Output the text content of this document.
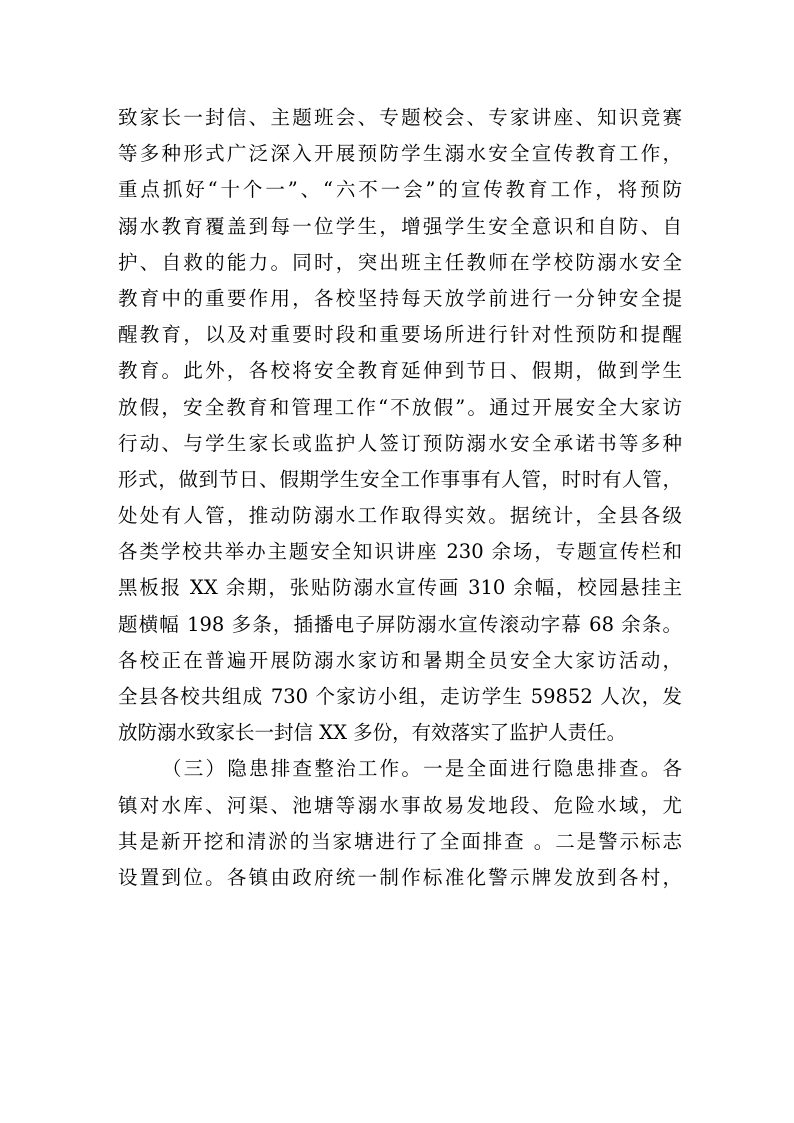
致家长一封信、主题班会、专题校会、专家讲座、知识竞赛
等多种形式广泛深入开展预防学生溺水安全宣传教育工作，
重点抓好“十个一”、“六不一会”的宣传教育工作，将预防
溺水教育覆盖到每一位学生，增强学生安全意识和自防、自
护、自救的能力。同时，突出班主任教师在学校防溺水安全
教育中的重要作用，各校坚持每天放学前进行一分钟安全提
醒教育，以及对重要时段和重要场所进行针对性预防和提醒
教育。此外，各校将安全教育延伸到节日、假期，做到学生
放假，安全教育和管理工作“不放假”。通过开展安全大家访
行动、与学生家长或监护人签订预防溺水安全承诺书等多种
形式，做到节日、假期学生安全工作事事有人管，时时有人管，
处处有人管，推动防溺水工作取得实效。据统计，全县各级
各类学校共举办主题安全知识讲座 230 余场，专题宣传栏和
黑板报 XX 余期，张贴防溺水宣传画 310 余幅，校园悬挂主
题横幅 198 多条，插播电子屏防溺水宣传滚动字幕 68 余条。
各校正在普遍开展防溺水家访和暑期全员安全大家访活动，
全县各校共组成 730 个家访小组，走访学生 59852 人次，发
放防溺水致家长一封信 XX 多份，有效落实了监护人责任。
（三）隐患排查整治工作。一是全面进行隐患排查。各
镇对水库、河渠、池塘等溺水事故易发地段、危险水域，尤
其是新开挖和清淤的当家塘进行了全面排查 。二是警示标志
设置到位。各镇由政府统一制作标准化警示牌发放到各村，
